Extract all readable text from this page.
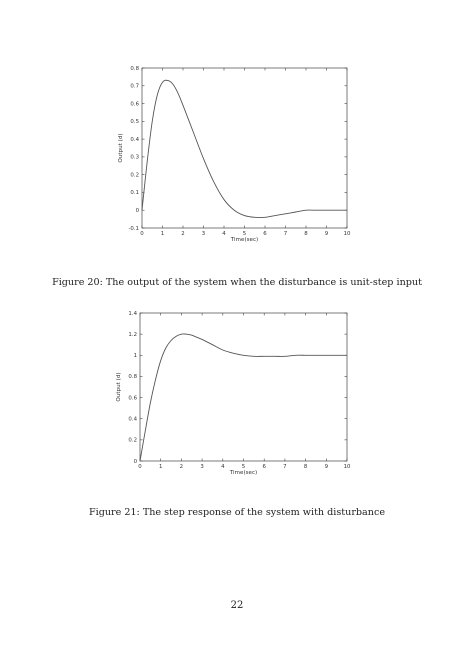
0	1	2	3	4	5	6	7	8	9	10
-0.1
0
0.1
0.2
0.3
0.4
0.5
0.6
0.7
0.8
Time(sec)
Output (d)
Figure 20: The output of the system when the disturbance is unit-step input
0	1	2	3	4	5	6	7	8	9	10
0
0.2
0.4
0.6
0.8
1
1.2
1.4
Time(sec)
Output (d)
Figure 21: The step response of the system with disturbance
22
